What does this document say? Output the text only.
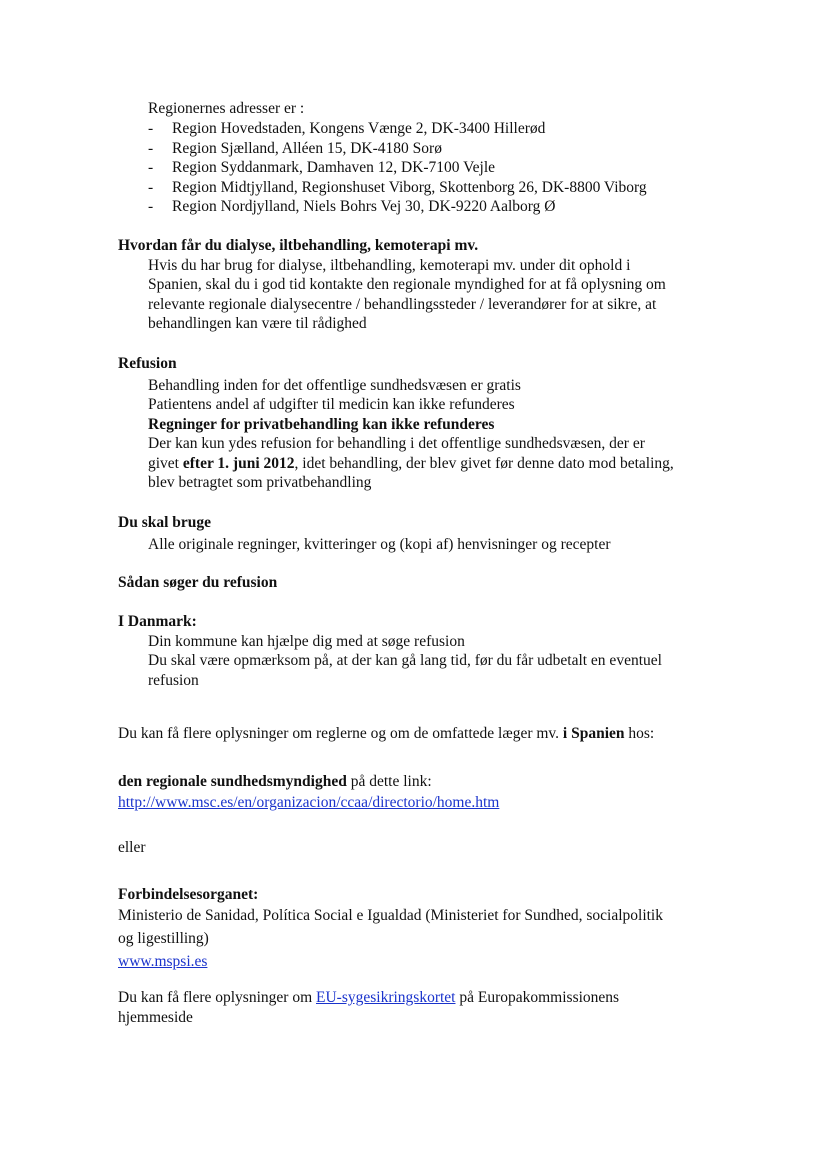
Regionernes adresser er :
- Region Hovedstaden, Kongens Vænge 2, DK-3400 Hillerød
- Region Sjælland, Alléen 15, DK-4180 Sorø
- Region Syddanmark, Damhaven 12, DK-7100 Vejle
- Region Midtjylland, Regionshuset Viborg, Skottenborg 26, DK-8800 Viborg
- Region Nordjylland, Niels Bohrs Vej 30, DK-9220 Aalborg Ø
Hvordan får du dialyse, iltbehandling, kemoterapi mv.
Hvis du har brug for dialyse, iltbehandling, kemoterapi mv. under dit ophold i
Spanien, skal du i god tid kontakte den regionale myndighed for at få oplysning om
relevante regionale dialysecentre / behandlingssteder / leverandører for at sikre, at
behandlingen kan være til rådighed
Refusion
Behandling inden for det offentlige sundhedsvæsen er gratis
Patientens andel af udgifter til medicin kan ikke refunderes
Regninger for privatbehandling kan ikke refunderes
Der kan kun ydes refusion for behandling i det offentlige sundhedsvæsen, der er
givet efter 1. juni 2012, idet behandling, der blev givet før denne dato mod betaling,
blev betragtet som privatbehandling
Du skal bruge
Alle originale regninger, kvitteringer og (kopi af) henvisninger og recepter
Sådan søger du refusion
I Danmark:
Din kommune kan hjælpe dig med at søge refusion
Du skal være opmærksom på, at der kan gå lang tid, før du får udbetalt en eventuel
refusion
Du kan få flere oplysninger om reglerne og om de omfattede læger mv. i Spanien hos:
den regionale sundhedsmyndighed på dette link:
http://www.msc.es/en/organizacion/ccaa/directorio/home.htm
eller
Forbindelsesorganet:
Ministerio de Sanidad, Política Social e Igualdad (Ministeriet for Sundhed, socialpolitik
og ligestilling)
www.mspsi.es
Du kan få flere oplysninger om EU-sygesikringskortet på Europakommissionens
hjemmeside
